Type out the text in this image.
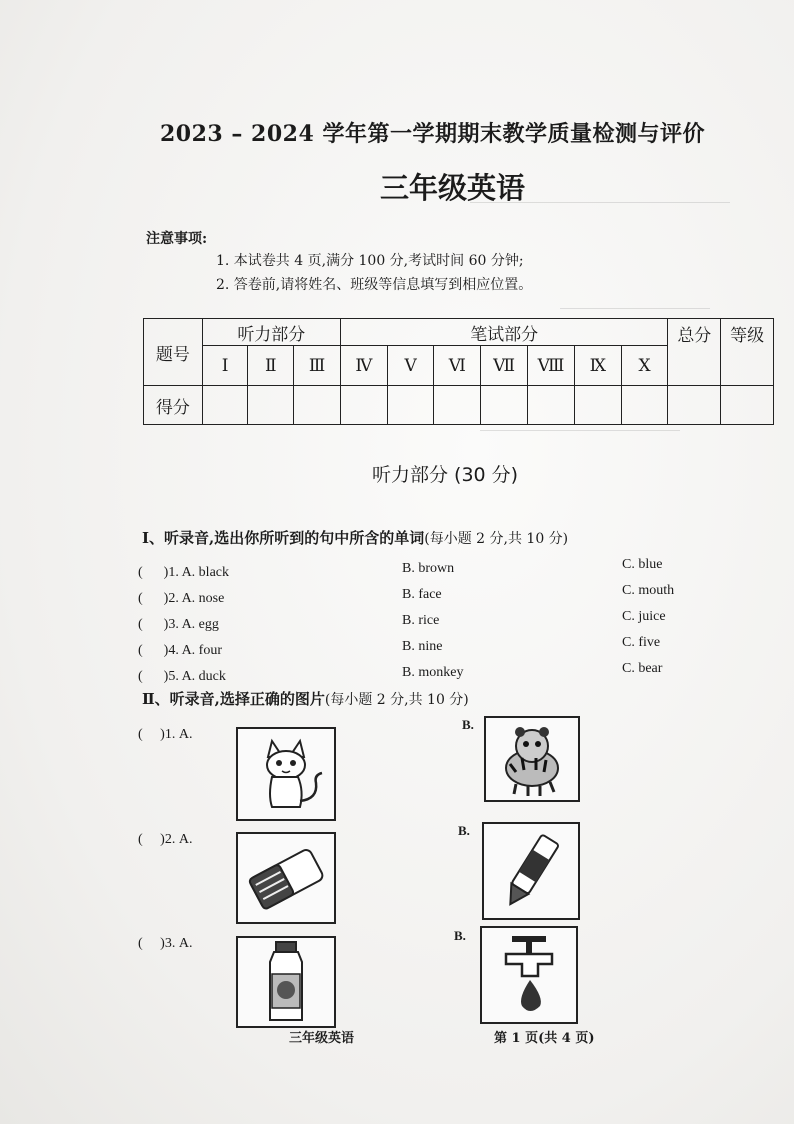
2023 – 2024 学年第一学期期末教学质量检测与评价
三年级英语
注意事项:
1. 本试卷共 4 页,满分 100 分,考试时间 60 分钟;
2. 答卷前,请将姓名、班级等信息填写到相应位置。
题号	听力部分			笔试部分							总分	等级
	Ⅰ	Ⅱ	Ⅲ	Ⅳ	Ⅴ	Ⅵ	Ⅶ	Ⅷ	Ⅸ	Ⅹ		
得分												
听力部分 (30 分)
Ⅰ、听录音,选出你所听到的句中所含的单词(每小题 2 分,共 10 分)
(      )1. A. black	B. brown	C. blue
(      )2. A. nose	B. face	C. mouth
(      )3. A. egg	B. rice	C. juice
(      )4. A. four	B. nine	C. five
(      )5. A. duck	B. monkey	C. bear
Ⅱ、听录音,选择正确的图片(每小题 2 分,共 10 分)
(     )1. A.
B.
(     )2. A.
B.
(     )3. A.
B.
三年级英语	第 1 页(共 4 页)
